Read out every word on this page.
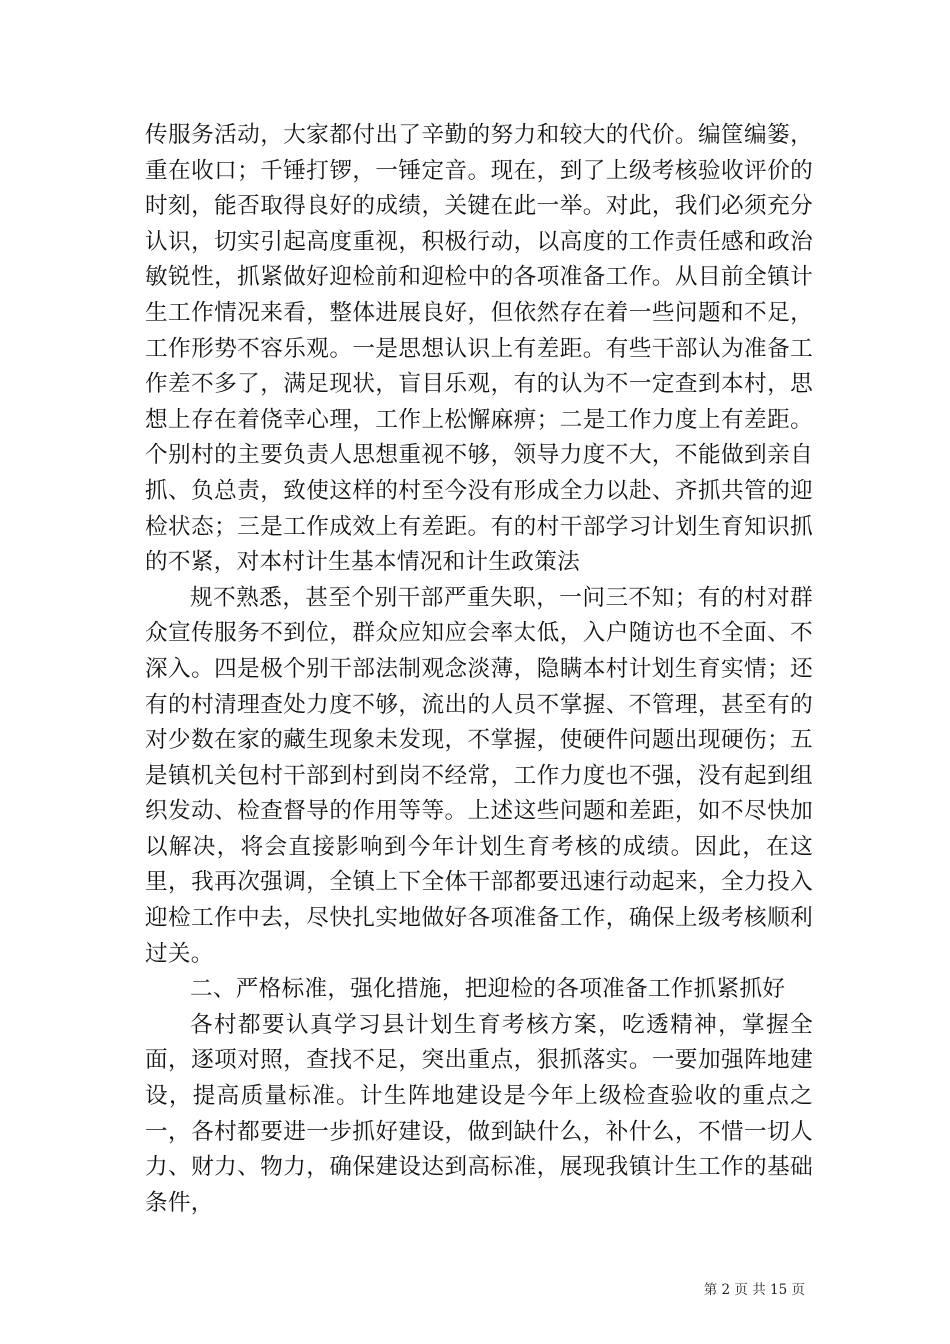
传服务活动，大家都付出了辛勤的努力和较大的代价。编筐编篓，重在收口；千锤打锣，一锤定音。现在，到了上级考核验收评价的时刻，能否取得良好的成绩，关键在此一举。对此，我们必须充分认识，切实引起高度重视，积极行动，以高度的工作责任感和政治敏锐性，抓紧做好迎检前和迎检中的各项准备工作。从目前全镇计生工作情况来看，整体进展良好，但依然存在着一些问题和不足，工作形势不容乐观。一是思想认识上有差距。有些干部认为准备工作差不多了，满足现状，盲目乐观，有的认为不一定查到本村，思想上存在着侥幸心理，工作上松懈麻痹；二是工作力度上有差距。个别村的主要负责人思想重视不够，领导力度不大，不能做到亲自抓、负总责，致使这样的村至今没有形成全力以赴、齐抓共管的迎检状态；三是工作成效上有差距。有的村干部学习计划生育知识抓的不紧，对本村计生基本情况和计生政策法

规不熟悉，甚至个别干部严重失职，一问三不知；有的村对群众宣传服务不到位，群众应知应会率太低，入户随访也不全面、不深入。四是极个别干部法制观念淡薄，隐瞒本村计划生育实情；还有的村清理查处力度不够，流出的人员不掌握、不管理，甚至有的对少数在家的藏生现象未发现，不掌握，使硬件问题出现硬伤；五是镇机关包村干部到村到岗不经常，工作力度也不强，没有起到组织发动、检查督导的作用等等。上述这些问题和差距，如不尽快加以解决，将会直接影响到今年计划生育考核的成绩。因此，在这里，我再次强调，全镇上下全体干部都要迅速行动起来，全力投入迎检工作中去，尽快扎实地做好各项准备工作，确保上级考核顺利过关。

二、严格标准，强化措施，把迎检的各项准备工作抓紧抓好

各村都要认真学习县计划生育考核方案，吃透精神，掌握全面，逐项对照，查找不足，突出重点，狠抓落实。一要加强阵地建设，提高质量标准。计生阵地建设是今年上级检查验收的重点之一，各村都要进一步抓好建设，做到缺什么，补什么，不惜一切人力、财力、物力，确保建设达到高标准，展现我镇计生工作的基础条件，

第 2 页 共 15 页
